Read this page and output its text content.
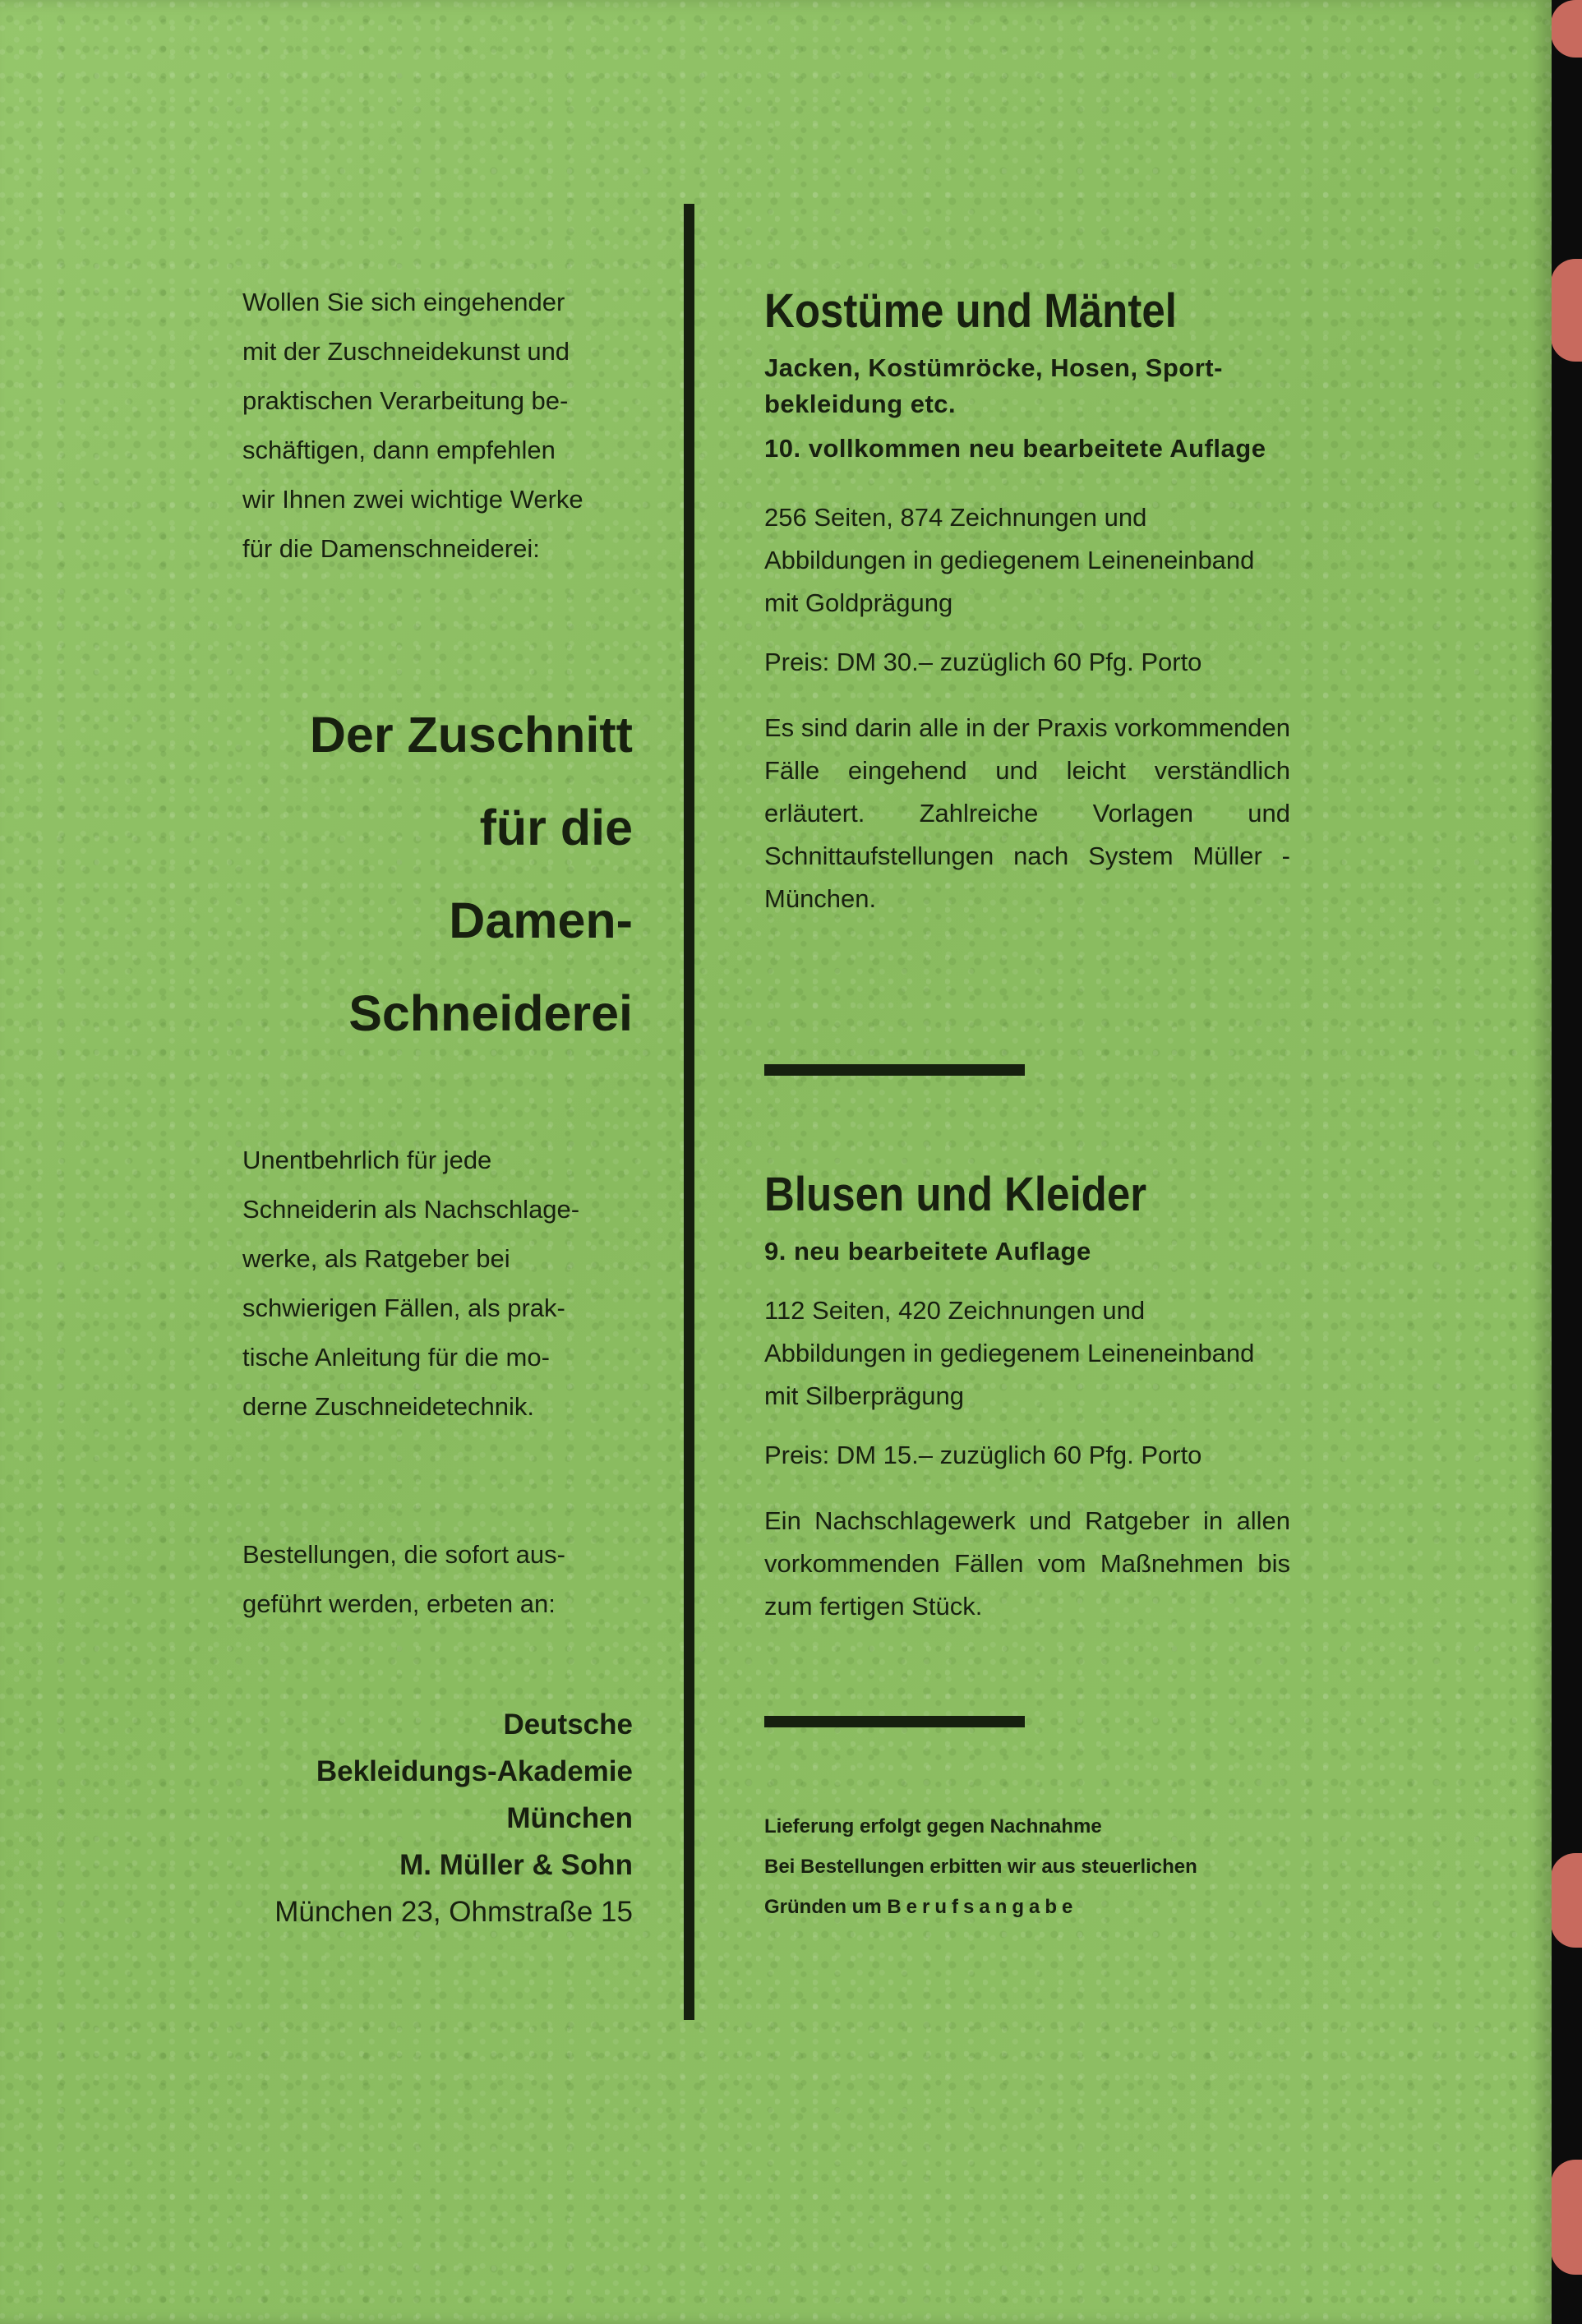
Wollen Sie sich eingehender
mit der Zuschneidekunst und
praktischen Verarbeitung be-
schäftigen, dann empfehlen
wir Ihnen zwei wichtige Werke
für die Damenschneiderei:
Der Zuschnitt
für die
Damen-
Schneiderei
Unentbehrlich für jede
Schneiderin als Nachschlage-
werke, als Ratgeber bei
schwierigen Fällen, als prak-
tische Anleitung für die mo-
derne Zuschneidetechnik.
Bestellungen, die sofort aus-
geführt werden, erbeten an:
Deutsche
Bekleidungs-Akademie
München
M. Müller & Sohn
München 23, Ohmstraße 15
Kostüme und Mäntel
Jacken, Kostümröcke, Hosen, Sport-bekleidung etc.
10. vollkommen neu bearbeitete Auflage
256 Seiten, 874 Zeichnungen und Abbildungen in gediegenem Leineneinband mit Goldprägung
Preis: DM 30.– zuzüglich 60 Pfg. Porto
Es sind darin alle in der Praxis vorkommenden Fälle eingehend und leicht verständlich erläutert. Zahlreiche Vorlagen und Schnittaufstellungen nach System Müller - München.
Blusen und Kleider
9. neu bearbeitete Auflage
112 Seiten, 420 Zeichnungen und Abbildungen in gediegenem Leineneinband mit Silberprägung
Preis: DM 15.– zuzüglich 60 Pfg. Porto
Ein Nachschlagewerk und Ratgeber in allen vorkommenden Fällen vom Maßnehmen bis zum fertigen Stück.
Lieferung erfolgt gegen Nachnahme
Bei Bestellungen erbitten wir aus steuerlichen
Gründen um Berufsangabe
